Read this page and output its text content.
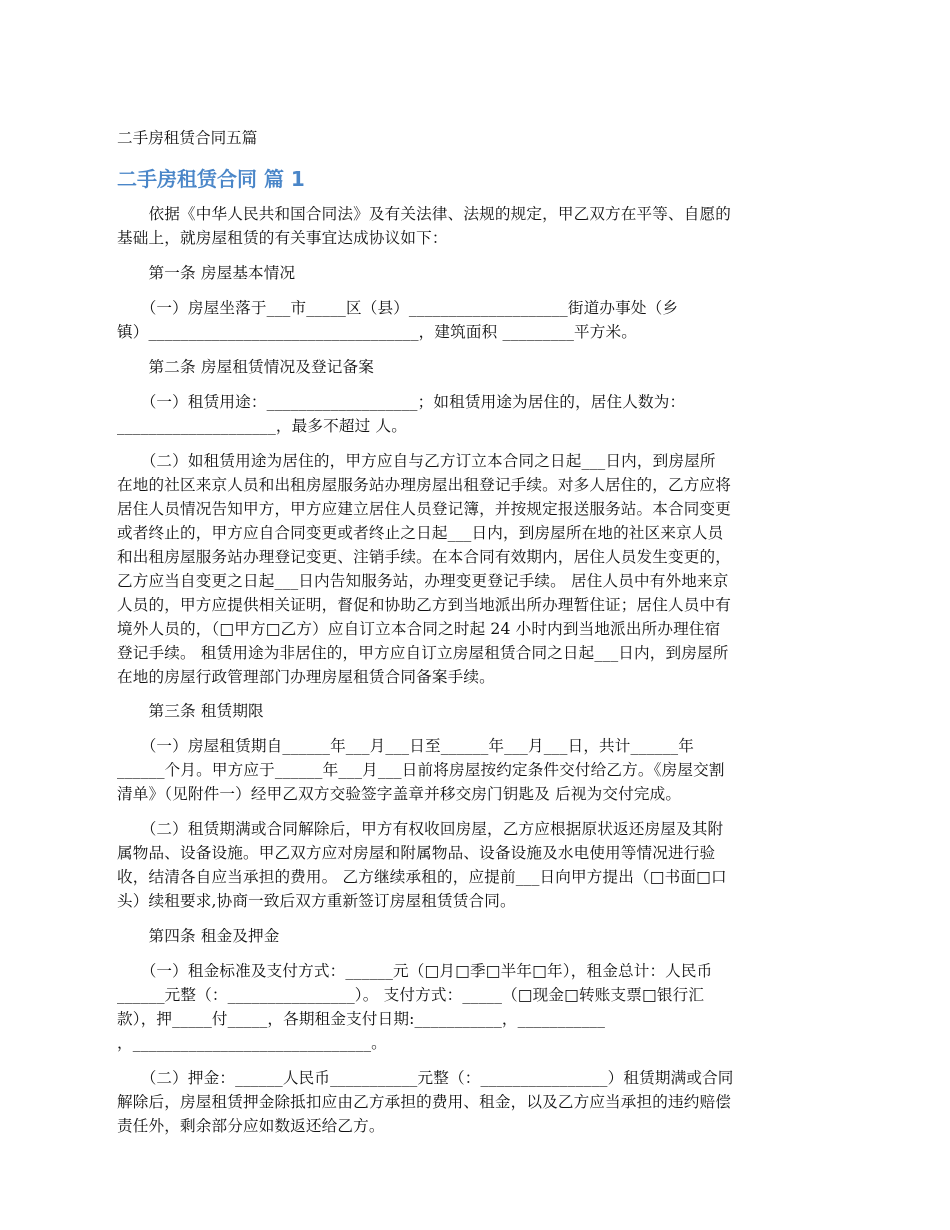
二手房租赁合同五篇
二手房租赁合同 篇 1
　　依据《中华人民共和国合同法》及有关法律、法规的规定，甲乙双方在平等、自愿的
基础上，就房屋租赁的有关事宜达成协议如下：
　　第一条 房屋基本情况
　　（一）房屋坐落于___市_____区（县）____________________街道办事处（乡
镇）__________________________________，建筑面积 _________平方米。
　　第二条 房屋租赁情况及登记备案
　　（一）租赁用途：___________________；如租赁用途为居住的，居住人数为：
____________________，最多不超过 人。
　　（二）如租赁用途为居住的，甲方应自与乙方订立本合同之日起___日内，到房屋所
在地的社区来京人员和出租房屋服务站办理房屋出租登记手续。对多人居住的，乙方应将
居住人员情况告知甲方，甲方应建立居住人员登记簿，并按规定报送服务站。本合同变更
或者终止的，甲方应自合同变更或者终止之日起___日内，到房屋所在地的社区来京人员
和出租房屋服务站办理登记变更、注销手续。在本合同有效期内，居住人员发生变更的，
乙方应当自变更之日起___日内告知服务站，办理变更登记手续。 居住人员中有外地来京
人员的，甲方应提供相关证明，督促和协助乙方到当地派出所办理暂住证；居住人员中有
境外人员的，（□甲方□乙方）应自订立本合同之时起 24 小时内到当地派出所办理住宿
登记手续。 租赁用途为非居住的，甲方应自订立房屋租赁合同之日起___日内，到房屋所
在地的房屋行政管理部门办理房屋租赁合同备案手续。
　　第三条 租赁期限
　　（一）房屋租赁期自______年___月___日至______年___月___日，共计______年
______个月。甲方应于______年___月___日前将房屋按约定条件交付给乙方。《房屋交割
清单》（见附件一）经甲乙双方交验签字盖章并移交房门钥匙及 后视为交付完成。
　　（二）租赁期满或合同解除后，甲方有权收回房屋，乙方应根据原状返还房屋及其附
属物品、设备设施。甲乙双方应对房屋和附属物品、设备设施及水电使用等情况进行验
收，结清各自应当承担的费用。 乙方继续承租的，应提前___日向甲方提出（□书面□口
头）续租要求,协商一致后双方重新签订房屋租赁赁合同。
　　第四条 租金及押金
　　（一）租金标准及支付方式：______元（□月□季□半年□年），租金总计：人民币
______元整（：________________）。 支付方式：_____（□现金□转账支票□银行汇
款），押_____付_____，各期租金支付日期:___________，___________
，______________________________。
　　（二）押金：______人民币___________元整（：________________）租赁期满或合同
解除后，房屋租赁押金除抵扣应由乙方承担的费用、租金，以及乙方应当承担的违约赔偿
责任外，剩余部分应如数返还给乙方。
